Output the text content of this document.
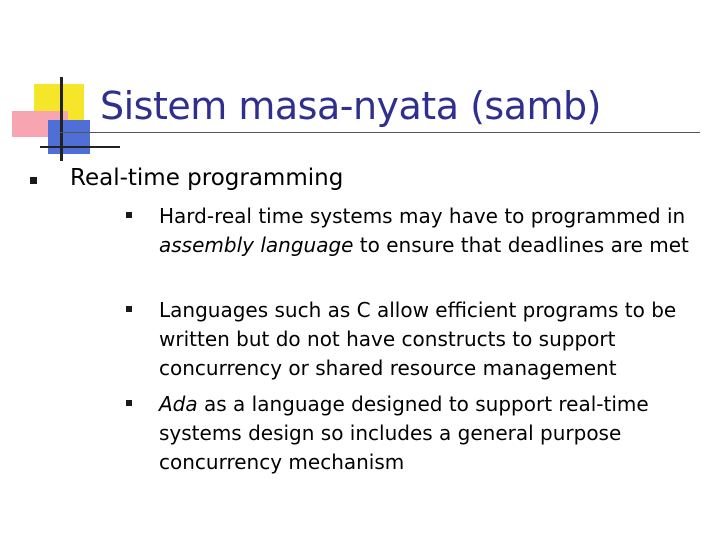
Sistem masa-nyata (samb)
Real-time programming
Hard-real time systems may have to programmed in assembly language to ensure that deadlines are met
Languages such as C allow efficient programs to be written but do not have constructs to support concurrency or shared resource management
Ada as a language designed to support real-time systems design so includes a general purpose concurrency mechanism
